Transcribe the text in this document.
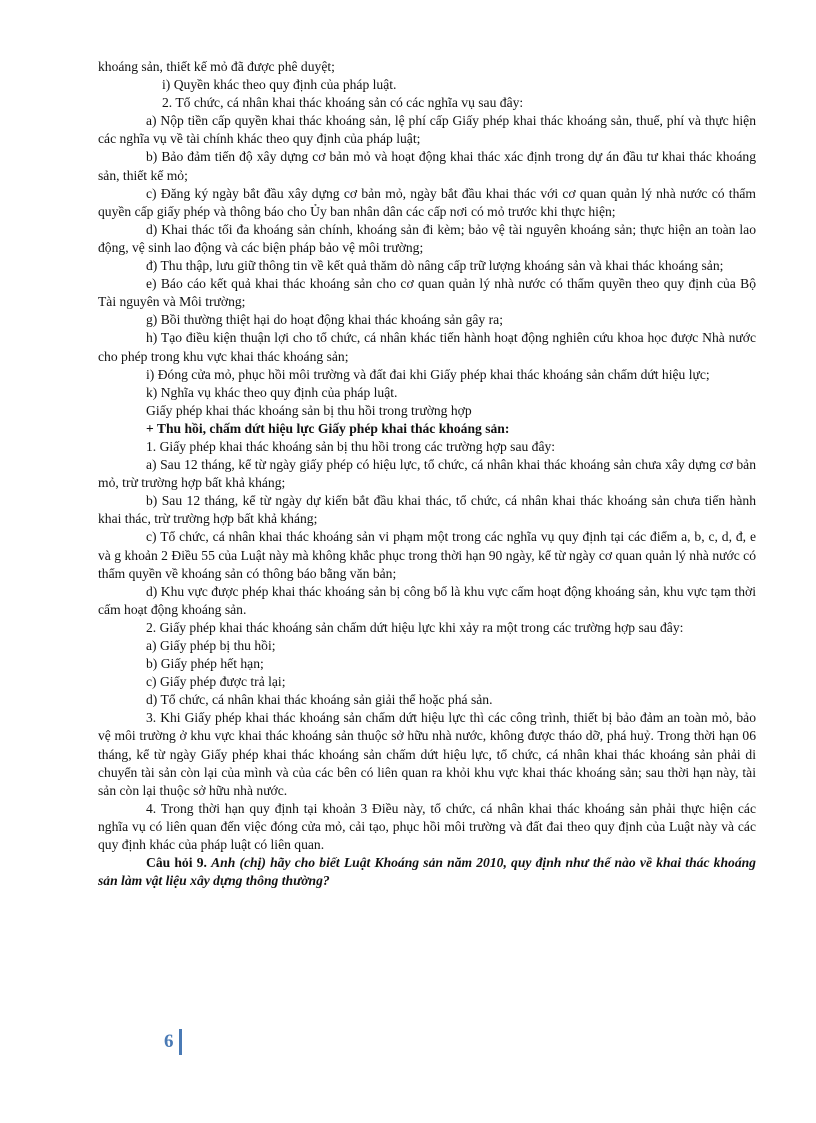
khoáng sản, thiết kế mỏ đã được phê duyệt;

i) Quyền khác theo quy định của pháp luật.

2. Tổ chức, cá nhân khai thác khoáng sản có các nghĩa vụ sau đây:

a) Nộp tiền cấp quyền khai thác khoáng sản, lệ phí cấp Giấy phép khai thác khoáng sản, thuế, phí và thực hiện các nghĩa vụ về tài chính khác theo quy định của pháp luật;

b) Bảo đảm tiến độ xây dựng cơ bản mỏ và hoạt động khai thác xác định trong dự án đầu tư khai thác khoáng sản, thiết kế mỏ;

c) Đăng ký ngày bắt đầu xây dựng cơ bản mỏ, ngày bắt đầu khai thác với cơ quan quản lý nhà nước có thẩm quyền cấp giấy phép và thông báo cho Ủy ban nhân dân các cấp nơi có mỏ trước khi thực hiện;

d) Khai thác tối đa khoáng sản chính, khoáng sản đi kèm; bảo vệ tài nguyên khoáng sản; thực hiện an toàn lao động, vệ sinh lao động và các biện pháp bảo vệ môi trường;

đ) Thu thập, lưu giữ thông tin về kết quả thăm dò nâng cấp trữ lượng khoáng sản và khai thác khoáng sản;

e) Báo cáo kết quả khai thác khoáng sản cho cơ quan quản lý nhà nước có thẩm quyền theo quy định của Bộ Tài nguyên và Môi trường;

g) Bồi thường thiệt hại do hoạt động khai thác khoáng sản gây ra;

h) Tạo điều kiện thuận lợi cho tổ chức, cá nhân khác tiến hành hoạt động nghiên cứu khoa học được Nhà nước cho phép trong khu vực khai thác khoáng sản;

i) Đóng cửa mỏ, phục hồi môi trường và đất đai khi Giấy phép khai thác khoáng sản chấm dứt hiệu lực;

k) Nghĩa vụ khác theo quy định của pháp luật.

Giấy phép khai thác khoáng sản bị thu hồi trong trường hợp

+ Thu hồi, chấm dứt hiệu lực Giấy phép khai thác khoáng sản:

1. Giấy phép khai thác khoáng sản bị thu hồi trong các trường hợp sau đây:

a) Sau 12 tháng, kể từ ngày giấy phép có hiệu lực, tổ chức, cá nhân khai thác khoáng sản chưa xây dựng cơ bản mỏ, trừ trường hợp bất khả kháng;

b) Sau 12 tháng, kể từ ngày dự kiến bắt đầu khai thác, tổ chức, cá nhân khai thác khoáng sản chưa tiến hành khai thác, trừ trường hợp bất khả kháng;

c) Tổ chức, cá nhân khai thác khoáng sản vi phạm một trong các nghĩa vụ quy định tại các điểm a, b, c, d, đ, e và g khoản 2 Điều 55 của Luật này mà không khắc phục trong thời hạn 90 ngày, kể từ ngày cơ quan quản lý nhà nước có thẩm quyền về khoáng sản có thông báo bằng văn bản;

d) Khu vực được phép khai thác khoáng sản bị công bố là khu vực cấm hoạt động khoáng sản, khu vực tạm thời cấm hoạt động khoáng sản.

2. Giấy phép khai thác khoáng sản chấm dứt hiệu lực khi xảy ra một trong các trường hợp sau đây:

a) Giấy phép bị thu hồi;

b) Giấy phép hết hạn;

c) Giấy phép được trả lại;

d) Tổ chức, cá nhân khai thác khoáng sản giải thể hoặc phá sản.

3. Khi Giấy phép khai thác khoáng sản chấm dứt hiệu lực thì các công trình, thiết bị bảo đảm an toàn mỏ, bảo vệ môi trường ở khu vực khai thác khoáng sản thuộc sở hữu nhà nước, không được tháo dỡ, phá huỷ. Trong thời hạn 06 tháng, kể từ ngày Giấy phép khai thác khoáng sản chấm dứt hiệu lực, tổ chức, cá nhân khai thác khoáng sản phải di chuyển tài sản còn lại của mình và của các bên có liên quan ra khỏi khu vực khai thác khoáng sản; sau thời hạn này, tài sản còn lại thuộc sở hữu nhà nước.

4. Trong thời hạn quy định tại khoản 3 Điều này, tổ chức, cá nhân khai thác khoáng sản phải thực hiện các nghĩa vụ có liên quan đến việc đóng cửa mỏ, cải tạo, phục hồi môi trường và đất đai theo quy định của Luật này và các quy định khác của pháp luật có liên quan.

Câu hỏi 9. Anh (chị) hãy cho biết Luật Khoáng sản năm 2010, quy định như thế nào về khai thác khoáng sản làm vật liệu xây dựng thông thường?

6
